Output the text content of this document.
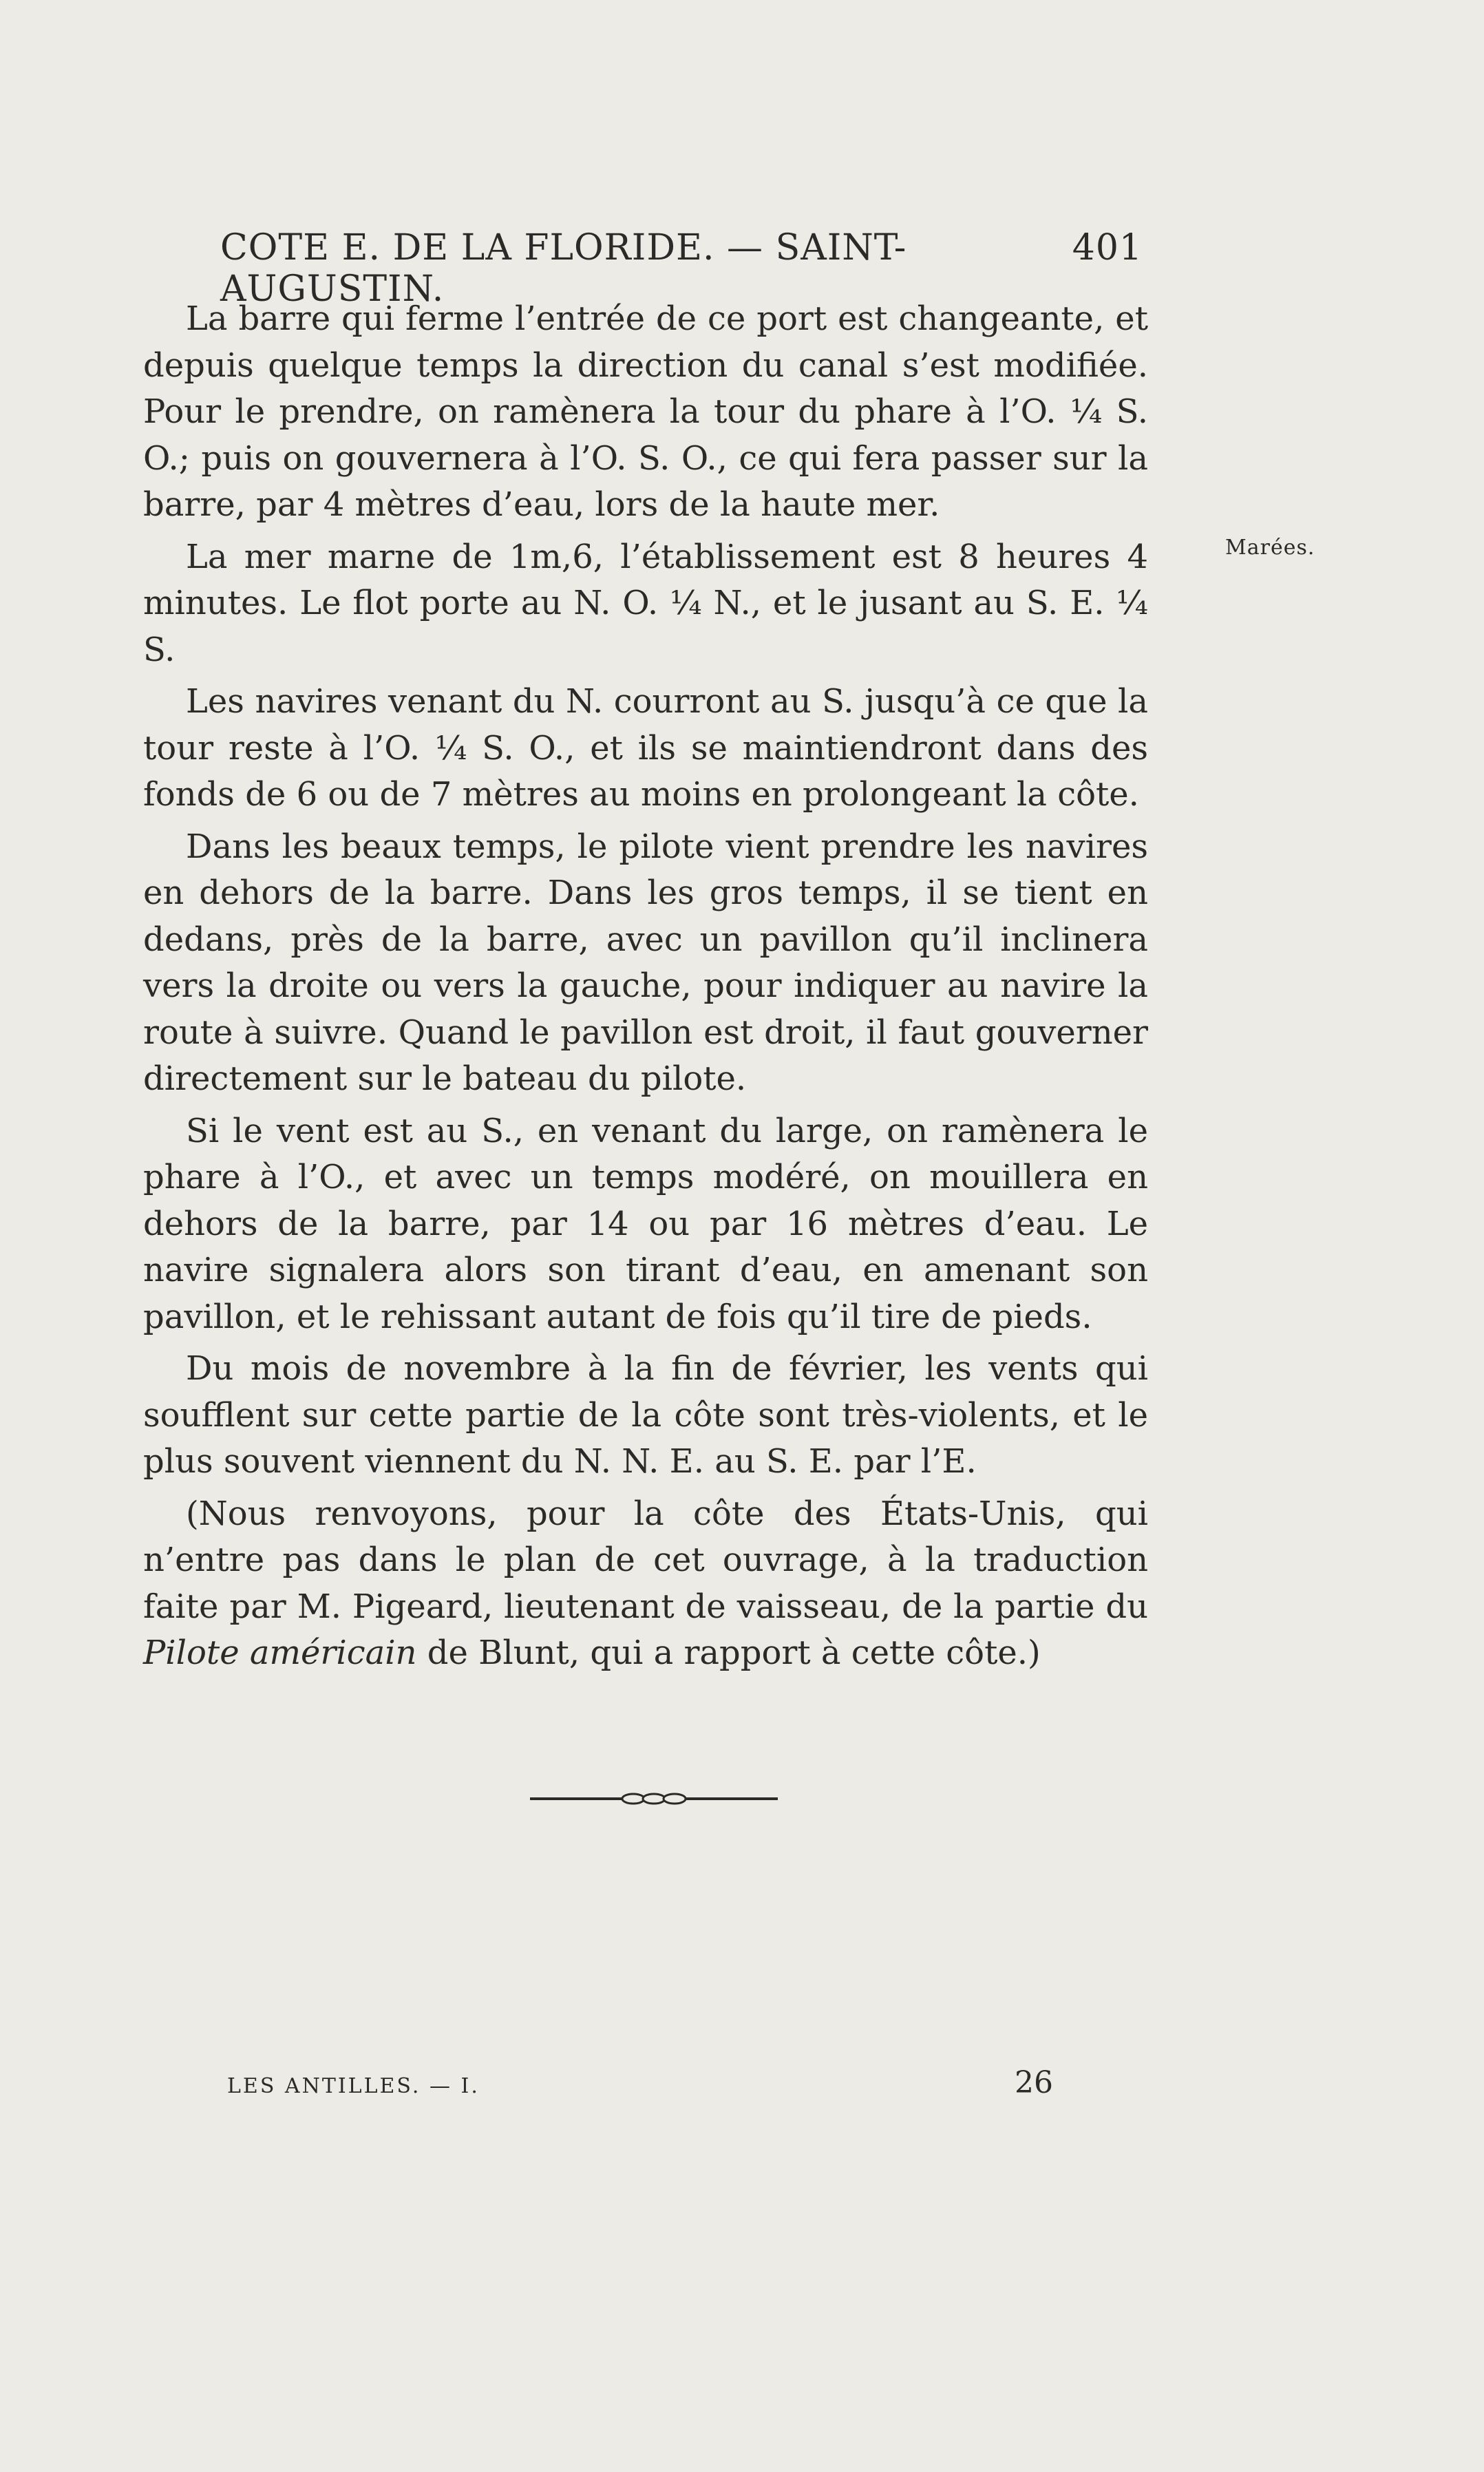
COTE E. DE LA FLORIDE. — SAINT-AUGUSTIN.
401
Marées.

La barre qui ferme l’entrée de ce port est changeante, et depuis quelque temps la direction du canal s’est modifiée. Pour le prendre, on ramènera la tour du phare à l’O. ¼ S. O.; puis on gouvernera à l’O. S. O., ce qui fera passer sur la barre, par 4 mètres d’eau, lors de la haute mer.

La mer marne de 1m,6, l’établissement est 8 heures 4 minutes. Le flot porte au N. O. ¼ N., et le jusant au S. E. ¼ S.

Les navires venant du N. courront au S. jusqu’à ce que la tour reste à l’O. ¼ S. O., et ils se maintiendront dans des fonds de 6 ou de 7 mètres au moins en prolongeant la côte.

Dans les beaux temps, le pilote vient prendre les navires en dehors de la barre. Dans les gros temps, il se tient en dedans, près de la barre, avec un pavillon qu’il inclinera vers la droite ou vers la gauche, pour indiquer au navire la route à suivre. Quand le pavillon est droit, il faut gouverner directement sur le bateau du pilote.

Si le vent est au S., en venant du large, on ramènera le phare à l’O., et avec un temps modéré, on mouillera en dehors de la barre, par 14 ou par 16 mètres d’eau. Le navire signalera alors son tirant d’eau, en amenant son pavillon, et le rehissant autant de fois qu’il tire de pieds.

Du mois de novembre à la fin de février, les vents qui soufflent sur cette partie de la côte sont très-violents, et le plus souvent viennent du N. N. E. au S. E. par l’E.

(Nous renvoyons, pour la côte des États-Unis, qui n’entre pas dans le plan de cet ouvrage, à la traduction faite par M. Pigeard, lieutenant de vaisseau, de la partie du Pilote américain de Blunt, qui a rapport à cette côte.)

LES ANTILLES. — I.	26
